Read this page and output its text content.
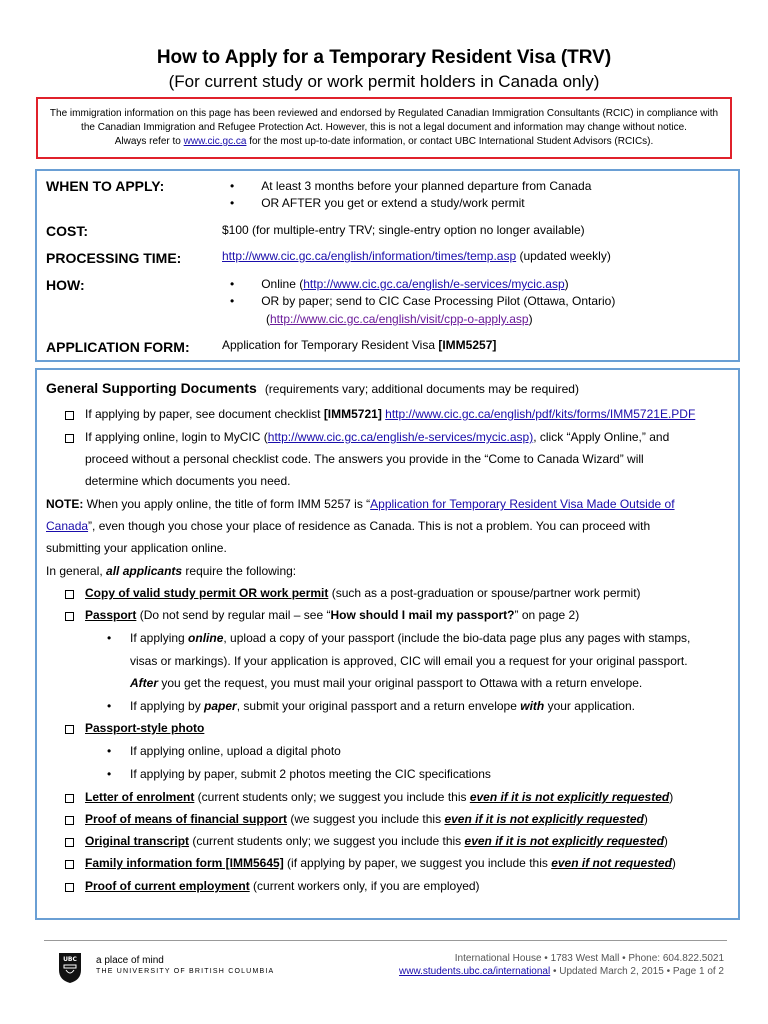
How to Apply for a Temporary Resident Visa (TRV)
(For current study or work permit holders in Canada only)
The immigration information on this page has been reviewed and endorsed by Regulated Canadian Immigration Consultants (RCIC) in compliance with
the Canadian Immigration and Refugee Protection Act. However, this is not a legal document and information may change without notice.
Always refer to www.cic.gc.ca for the most up-to-date information, or contact UBC International Student Advisors (RCICs).
WHEN TO APPLY:	• At least 3 months before your planned departure from Canada
• OR AFTER you get or extend a study/work permit
COST:	$100 (for multiple-entry TRV; single-entry option no longer available)
PROCESSING TIME:	http://www.cic.gc.ca/english/information/times/temp.asp (updated weekly)
HOW:	• Online (http://www.cic.gc.ca/english/e-services/mycic.asp)
• OR by paper; send to CIC Case Processing Pilot (Ottawa, Ontario)
(http://www.cic.gc.ca/english/visit/cpp-o-apply.asp)
APPLICATION FORM:	Application for Temporary Resident Visa [IMM5257]
General Supporting Documents (requirements vary; additional documents may be required)
If applying by paper, see document checklist [IMM5721] http://www.cic.gc.ca/english/pdf/kits/forms/IMM5721E.PDF
If applying online, login to MyCIC (http://www.cic.gc.ca/english/e-services/mycic.asp), click “Apply Online,” and
proceed without a personal checklist code. The answers you provide in the “Come to Canada Wizard” will
determine which documents you need.
NOTE: When you apply online, the title of form IMM 5257 is “Application for Temporary Resident Visa Made Outside of
Canada”, even though you chose your place of residence as Canada. This is not a problem. You can proceed with
submitting your application online.
In general, all applicants require the following:
Copy of valid study permit OR work permit (such as a post-graduation or spouse/partner work permit)
Passport (Do not send by regular mail – see “How should I mail my passport?” on page 2)
• If applying online, upload a copy of your passport (include the bio-data page plus any pages with stamps,
visas or markings). If your application is approved, CIC will email you a request for your original passport.
After you get the request, you must mail your original passport to Ottawa with a return envelope.
• If applying by paper, submit your original passport and a return envelope with your application.
Passport-style photo
• If applying online, upload a digital photo
• If applying by paper, submit 2 photos meeting the CIC specifications
Letter of enrolment (current students only; we suggest you include this even if it is not explicitly requested)
Proof of means of financial support (we suggest you include this even if it is not explicitly requested)
Original transcript (current students only; we suggest you include this even if it is not explicitly requested)
Family information form [IMM5645] (if applying by paper, we suggest you include this even if not requested)
Proof of current employment (current workers only, if you are employed)
UBC a place of mind
THE UNIVERSITY OF BRITISH COLUMBIA
International House • 1783 West Mall • Phone: 604.822.5021
www.students.ubc.ca/international • Updated March 2, 2015 • Page 1 of 2
